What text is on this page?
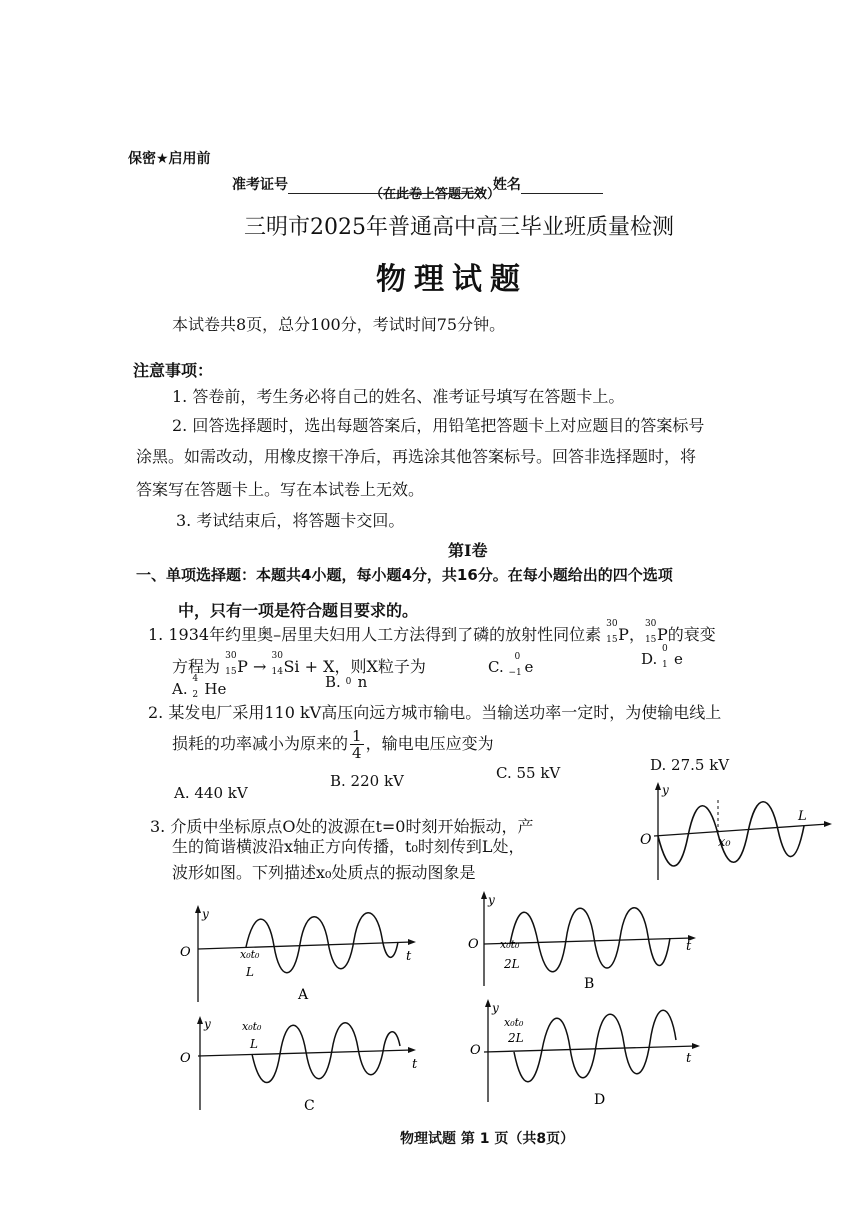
保密★启用前
准考证号	姓名
（在此卷上答题无效）
三明市2025年普通高中高三毕业班质量检测
物理试题
本试卷共8页，总分100分，考试时间75分钟。
注意事项：
1. 答卷前，考生务必将自己的姓名、准考证号填写在答题卡上。
2. 回答选择题时，选出每题答案后，用铅笔把答题卡上对应题目的答案标号
涂黑。如需改动，用橡皮擦干净后，再选涂其他答案标号。回答非选择题时，将
答案写在答题卡上。写在本试卷上无效。
3. 考试结束后，将答题卡交回。
第Ⅰ卷
一、单项选择题：本题共4小题，每小题4分，共16分。在每小题给出的四个选项
中，只有一项是符合题目要求的。
1. 1934年约里奥–居里夫妇用人工方法得到了磷的放射性同位素
30
15 P，
30
15 P的衰变
方程为
30
15 P →
30
14 Si + X，则X粒子为	C.
0
−1 e	D.
0
1 e
A.
4
2 He	B. 0 n
2. 某发电厂采用110 kV高压向远方城市输电。当输送功率一定时，为使输电线上
损耗的功率减小为原来的 $\frac{1}{4}$ ，输电电压应变为
A. 440 kV
B. 220 kV	C. 55 kV	D. 27.5 kV
3. 介质中坐标原点O处的波源在t=0时刻开始振动，产
生的简谐横波沿x轴正方向传播，t₀时刻传到L处，
波形如图。下列描述x₀处质点的振动图象是
y
O	x₀
L
y
O	t
x₀t₀
L
A
y
O	t
x₀t₀
2L
B
y
O	t
x₀t₀
L
C
y
O
t
x₀t₀
2L
D
物理试题 第 1 页（共8页）
